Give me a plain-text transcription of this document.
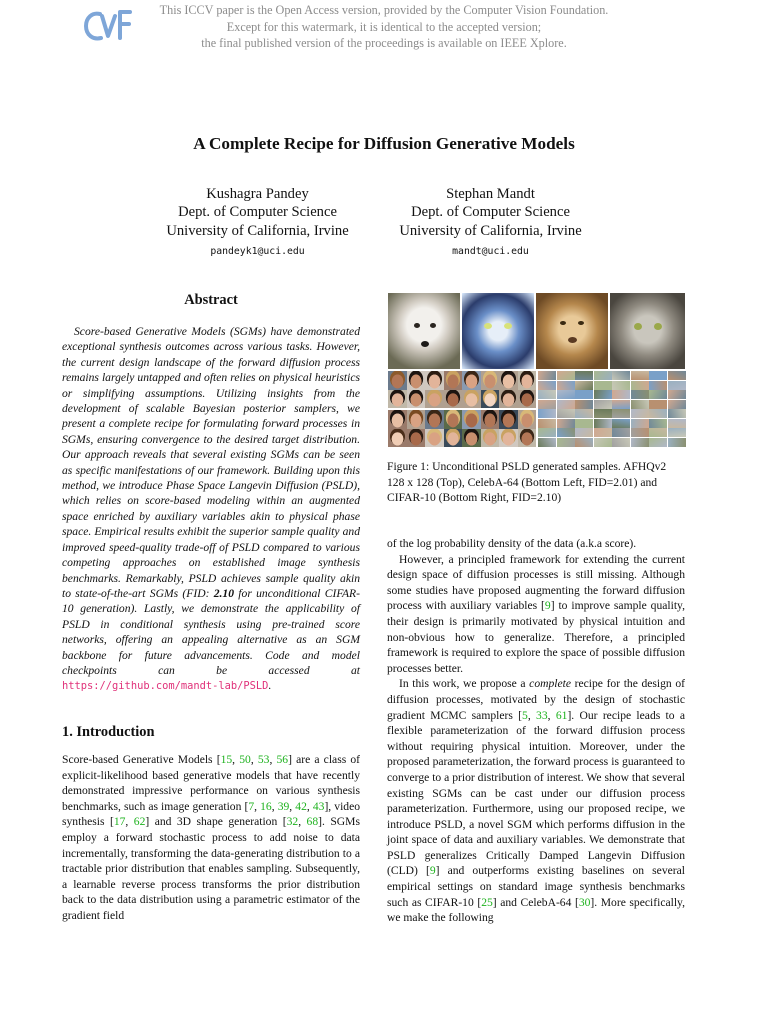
This ICCV paper is the Open Access version, provided by the Computer Vision Foundation.
Except for this watermark, it is identical to the accepted version;
the final published version of the proceedings is available on IEEE Xplore.
A Complete Recipe for Diffusion Generative Models
Kushagra Pandey
Dept. of Computer Science
University of California, Irvine
pandeyk1@uci.edu
Stephan Mandt
Dept. of Computer Science
University of California, Irvine
mandt@uci.edu
Abstract
Score-based Generative Models (SGMs) have demonstrated exceptional synthesis outcomes across various tasks. However, the current design landscape of the forward diffusion process remains largely untapped and often relies on physical heuristics or simplifying assumptions. Utilizing insights from the development of scalable Bayesian posterior samplers, we present a complete recipe for formulating forward processes in SGMs, ensuring convergence to the desired target distribution. Our approach reveals that several existing SGMs can be seen as specific manifestations of our framework. Building upon this method, we introduce Phase Space Langevin Diffusion (PSLD), which relies on score-based modeling within an augmented space enriched by auxiliary variables akin to physical phase space. Empirical results exhibit the superior sample quality and improved speed-quality trade-off of PSLD compared to various competing approaches on established image synthesis benchmarks. Remarkably, PSLD achieves sample quality akin to state-of-the-art SGMs (FID: 2.10 for unconditional CIFAR-10 generation). Lastly, we demonstrate the applicability of PSLD in conditional synthesis using pre-trained score networks, offering an appealing alternative as an SGM backbone for future advancements. Code and model checkpoints can be accessed at https://github.com/mandt-lab/PSLD.
1. Introduction
Score-based Generative Models [15, 50, 53, 56] are a class of explicit-likelihood based generative models that have recently demonstrated impressive performance on various synthesis benchmarks, such as image generation [7, 16, 39, 42, 43], video synthesis [17, 62] and 3D shape generation [32, 68]. SGMs employ a forward stochastic process to add noise to data incrementally, transforming the data-generating distribution to a tractable prior distribution that enables sampling. Subsequently, a learnable reverse process transforms the prior distribution back to the data distribution using a parametric estimator of the gradient field
Figure 1: Unconditional PSLD generated samples. AFHQv2 128 x 128 (Top), CelebA-64 (Bottom Left, FID=2.01) and CIFAR-10 (Bottom Right, FID=2.10)

of the log probability density of the data (a.k.a score).

However, a principled framework for extending the current design space of diffusion processes is still missing. Although some studies have proposed augmenting the forward diffusion process with auxiliary variables [9] to improve sample quality, their design is primarily motivated by physical intuition and non-obvious how to generalize. Therefore, a principled framework is required to explore the space of possible diffusion processes better.

In this work, we propose a complete recipe for the design of diffusion processes, motivated by the design of stochastic gradient MCMC samplers [5, 33, 61]. Our recipe leads to a flexible parameterization of the forward diffusion process without requiring physical intuition. Moreover, under the proposed parameterization, the forward process is guaranteed to converge to a prior distribution of interest. We show that several existing SGMs can be cast under our diffusion process parameterization. Furthermore, using our proposed recipe, we introduce PSLD, a novel SGM which performs diffusion in the joint space of data and auxiliary variables. We demonstrate that PSLD generalizes Critically Damped Langevin Diffusion (CLD) [9] and outperforms existing baselines on several empirical settings on standard image synthesis benchmarks such as CIFAR-10 [25] and CelebA-64 [30]. More specifically, we make the following
